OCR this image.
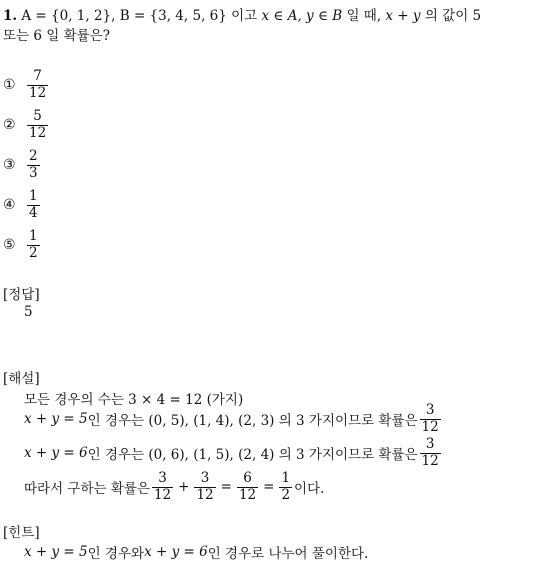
1. A = {0, 1, 2}, B = {3, 4, 5, 6} 이고 x ∈ A, y ∈ B 일 때, x + y 의 값이 5
또는 6 일 확률은?
① $\frac{7}{12}$
② $\frac{5}{12}$
③ $\frac{2}{3}$
④ $\frac{1}{4}$
⑤ $\frac{1}{2}$
[정답]
5
[해설]
모든 경우의 수는 3 × 4 = 12 (가지)
x + y = 5 인 경우는 (0, 5), (1, 4), (2, 3) 의 3 가지이므로 확률은 $\frac{3}{12}$
x + y = 6 인 경우는 (0, 6), (1, 5), (2, 4) 의 3 가지이므로 확률은 $\frac{3}{12}$
따라서 구하는 확률은 $\frac{3}{12} + \frac{3}{12} = \frac{6}{12} = \frac{1}{2}$ 이다.
[힌트]
x + y = 5 인 경우와 x + y = 6 인 경우로 나누어 풀이한다.
